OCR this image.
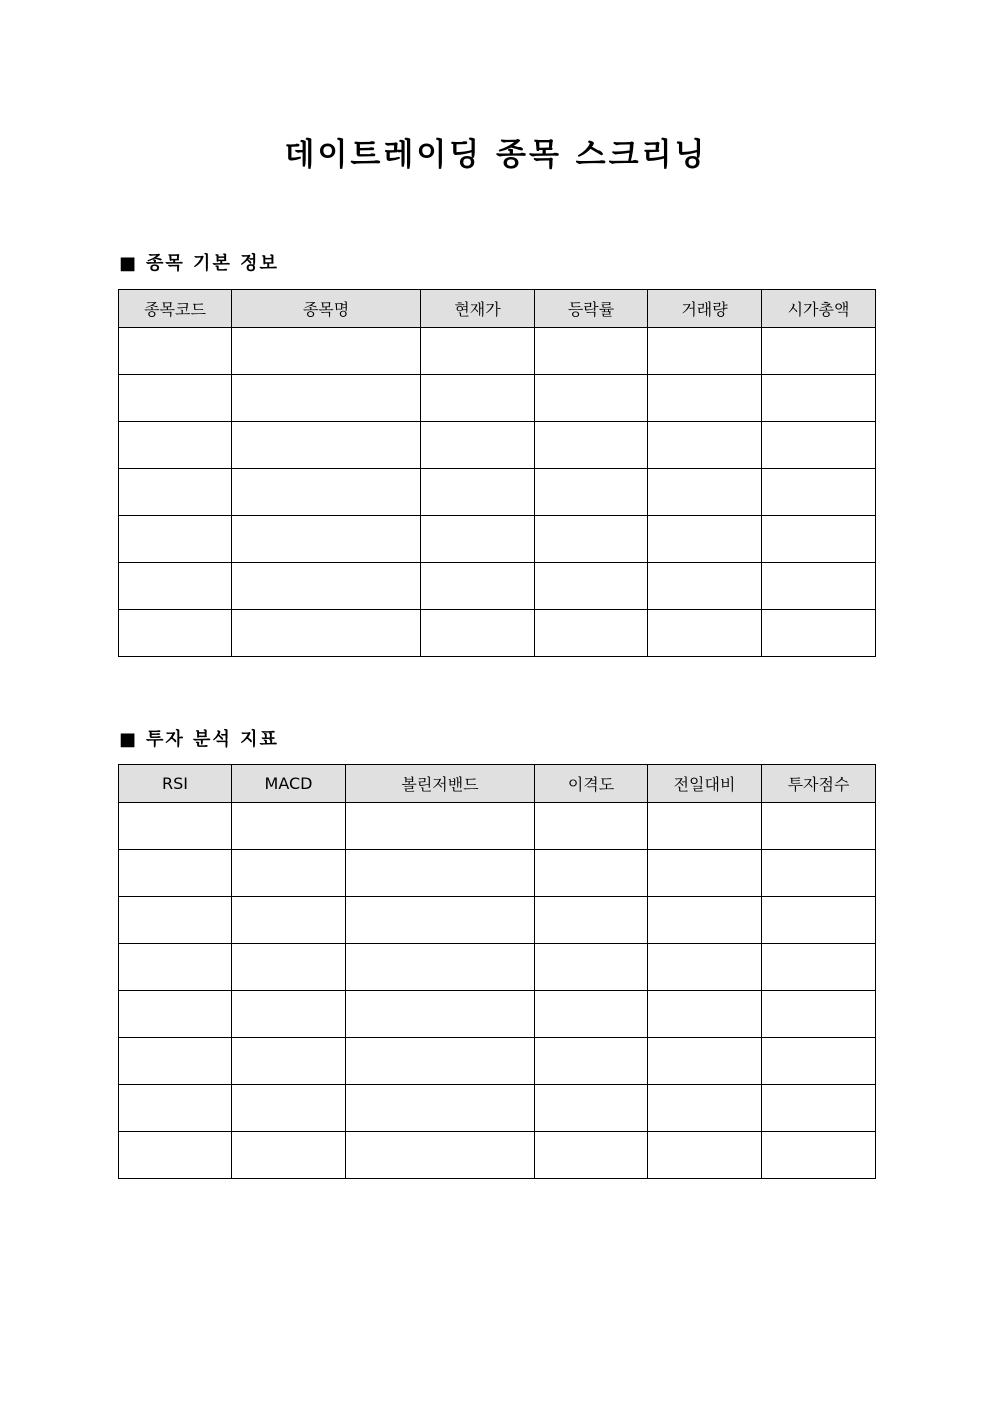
데이트레이딩 종목 스크리닝
■ 종목 기본 정보
종목코드	종목명	현재가	등락률	거래량	시가총액

■ 투자 분석 지표
RSI	MACD	볼린저밴드	이격도	전일대비	투자점수
